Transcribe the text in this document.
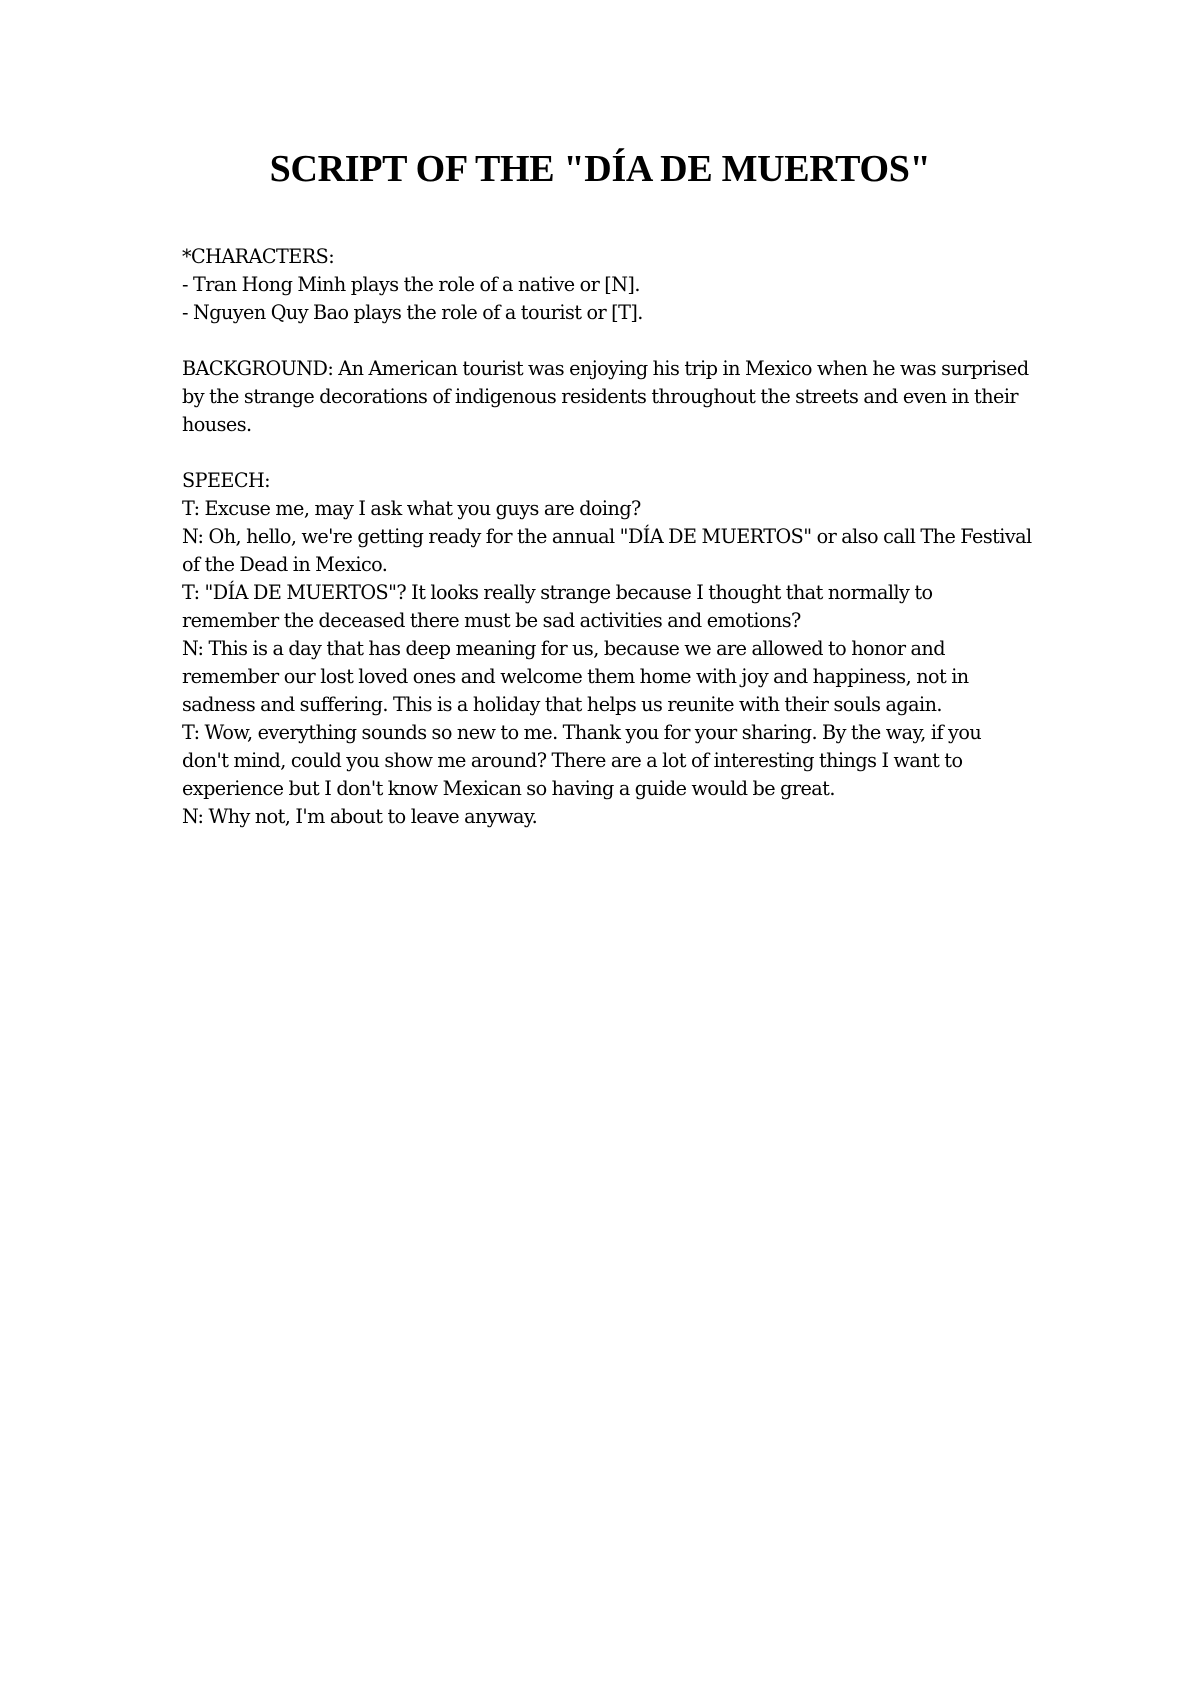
SCRIPT OF THE "DÍA DE MUERTOS"

*CHARACTERS:

- Tran Hong Minh plays the role of a native or [N].

- Nguyen Quy Bao plays the role of a tourist or [T].

BACKGROUND: An American tourist was enjoying his trip in Mexico when he was surprised by the strange decorations of indigenous residents throughout the streets and even in their houses.

SPEECH:

T: Excuse me, may I ask what you guys are doing?

N: Oh, hello, we're getting ready for the annual "DÍA DE MUERTOS" or also call The Festival of the Dead in Mexico.

T: "DÍA DE MUERTOS"? It looks really strange because I thought that normally to remember the deceased there must be sad activities and emotions?

N: This is a day that has deep meaning for us, because we are allowed to honor and remember our lost loved ones and welcome them home with joy and happiness, not in sadness and suffering. This is a holiday that helps us reunite with their souls again.

T: Wow, everything sounds so new to me. Thank you for your sharing. By the way, if you don't mind, could you show me around? There are a lot of interesting things I want to experience but I don't know Mexican so having a guide would be great.

N: Why not, I'm about to leave anyway.
